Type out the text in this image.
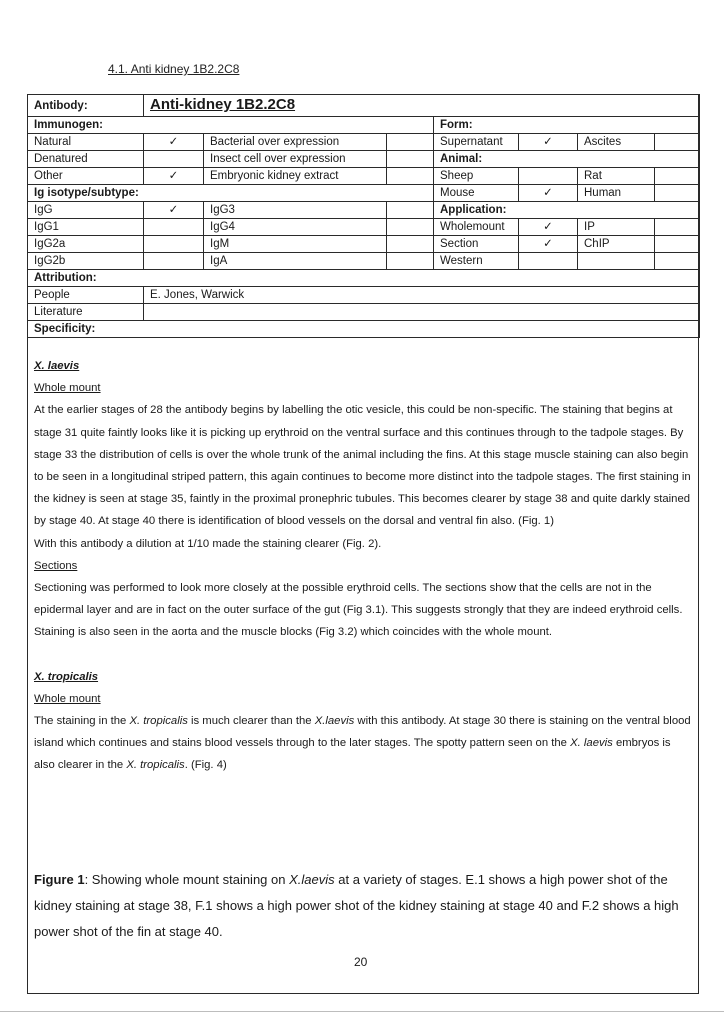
4.1. Anti kidney 1B2.2C8
Antibody:	Anti-kidney 1B2.2C8						
Immunogen:				Form:			
Natural	✓	Bacterial over expression		Supernatant	✓	Ascites	
Denatured		Insect cell over expression		Animal:			
Other	✓	Embryonic kidney extract		Sheep		Rat	
Ig isotype/subtype:				Mouse	✓	Human	
IgG	✓	IgG3		Application:			
IgG1		IgG4		Wholemount	✓	IP	
IgG2a		IgM		Section	✓	ChIP	
IgG2b		IgA		Western			
Attribution:							
People	E. Jones, Warwick						
Literature							
Specificity:							

X. laevis

Whole mount

At the earlier stages of 28 the antibody begins by labelling the otic vesicle, this could be non-specific. The staining that begins at stage 31 quite faintly looks like it is picking up erythroid on the ventral surface and this continues through to the tadpole stages. By stage 33 the distribution of cells is over the whole trunk of the animal including the fins. At this stage muscle staining can also begin to be seen in a longitudinal striped pattern, this again continues to become more distinct into the tadpole stages. The first staining in the kidney is seen at stage 35, faintly in the proximal pronephric tubules. This becomes clearer by stage 38 and quite darkly stained by stage 40. At stage 40 there is identification of blood vessels on the dorsal and ventral fin also. (Fig. 1)

With this antibody a dilution at 1/10 made the staining clearer (Fig. 2).

Sections

Sectioning was performed to look more closely at the possible erythroid cells. The sections show that the cells are not in the epidermal layer and are in fact on the outer surface of the gut (Fig 3.1). This suggests strongly that they are indeed erythroid cells. Staining is also seen in the aorta and the muscle blocks (Fig 3.2) which coincides with the whole mount.

X. tropicalis

Whole mount

The staining in the X. tropicalis is much clearer than the X.laevis with this antibody. At stage 30 there is staining on the ventral blood island which continues and stains blood vessels through to the later stages. The spotty pattern seen on the X. laevis embryos is also clearer in the X. tropicalis. (Fig. 4)

Figure 1: Showing whole mount staining on X.laevis at a variety of stages. E.1 shows a high power shot of the kidney staining at stage 38, F.1 shows a high power shot of the kidney staining at stage 40 and F.2 shows a high power shot of the fin at stage 40.
20
